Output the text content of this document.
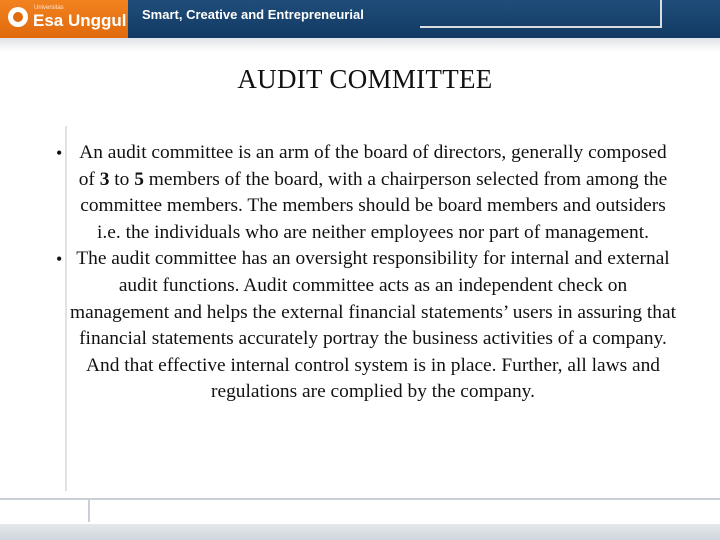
Universitas
Esa Unggul Smart, Creative and Entrepreneurial
AUDIT COMMITTEE
• An audit committee is an arm of the board of directors, generally composed of 3 to 5 members of the board, with a chairperson selected from among the committee members. The members should be board members and outsiders i.e. the individuals who are neither employees nor part of management.
• The audit committee has an oversight responsibility for internal and external audit functions. Audit committee acts as an independent check on management and helps the external financial statements’ users in assuring that financial statements accurately portray the business activities of a company. And that effective internal control system is in place. Further, all laws and regulations are complied by the company.
